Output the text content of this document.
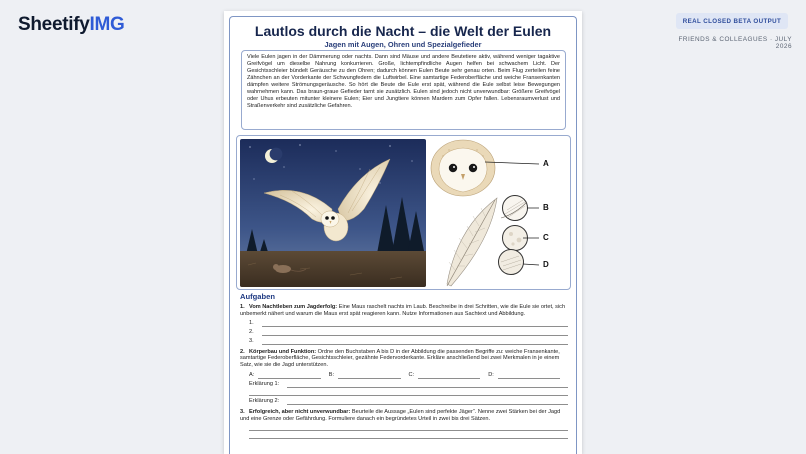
SheetifyIMG	REAL CLOSED BETA OUTPUT
FRIENDS & COLLEAGUES · JULY 2026
Lautlos durch die Nacht – die Welt der Eulen
Jagen mit Augen, Ohren und Spezialgefieder
Viele Eulen jagen in der Dämmerung oder nachts. Dann sind Mäuse und andere Beutetiere aktiv, während weniger tagaktive Greifvögel um dieselbe Nahrung konkurrieren. Große, lichtempfindliche Augen helfen bei schwachem Licht. Der Gesichtsschleier bündelt Geräusche zu den Ohren; dadurch können Eulen Beute sehr genau orten. Beim Flug zerteilen feine Zähnchen an der Vorderkante der Schwungfedern die Luftwirbel. Eine samtartige Federoberfläche und weiche Fransenkanten dämpfen weitere Strömungsgeräusche. So hört die Beute die Eule erst spät, während die Eule selbst leise Bewegungen wahrnehmen kann. Das braun-graue Gefieder tarnt sie zusätzlich. Eulen sind jedoch nicht unverwundbar: Größere Greifvögel oder Uhus erbeuten mitunter kleinere Eulen; Eier und Jungtiere können Mardern zum Opfer fallen. Lebensraumverlust und Straßenverkehr sind zusätzliche Gefahren.
A
B
C
D
Aufgaben
1. Vom Nachtleben zum Jagderfolg: Eine Maus raschelt nachts im Laub. Beschreibe in drei Schritten, wie die Eule sie ortet, sich unbemerkt nähert und warum die Maus erst spät reagieren kann. Nutze Informationen aus Sachtext und Abbildung.
1.
2.
3.
2. Körperbau und Funktion: Ordne den Buchstaben A bis D in der Abbildung die passenden Begriffe zu: weiche Fransenkante, samtartige Federoberfläche, Gesichtsschleier, gezähnte Federvorderkante. Erkläre anschließend bei zwei Merkmalen in je einem Satz, wie sie die Jagd unterstützen.
A:	B:	C:	D:
Erklärung 1:
Erklärung 2:
3. Erfolgreich, aber nicht unverwundbar: Beurteile die Aussage „Eulen sind perfekte Jäger“. Nenne zwei Stärken bei der Jagd und eine Grenze oder Gefährdung. Formuliere danach ein begründetes Urteil in zwei bis drei Sätzen.
